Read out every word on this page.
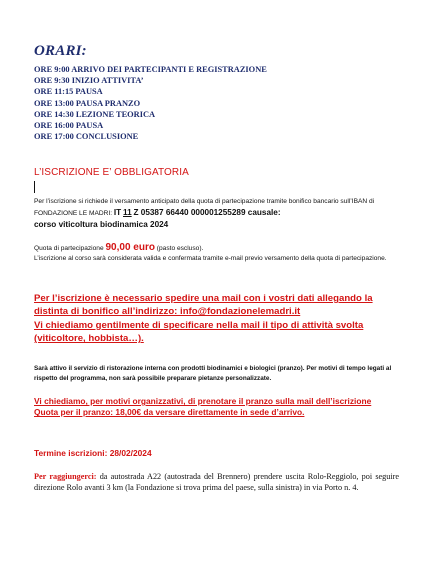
ORARI:
ORE 9:00 ARRIVO DEI PARTECIPANTI E REGISTRAZIONE
ORE 9:30 INIZIO ATTIVITA’
ORE 11:15 PAUSA
ORE 13:00 PAUSA PRANZO
ORE 14:30 LEZIONE TEORICA
ORE 16:00 PAUSA
ORE 17:00 CONCLUSIONE
L’ISCRIZIONE E’ OBBLIGATORIA
Per l’iscrizione si richiede il versamento anticipato della quota di partecipazione tramite bonifico bancario sull’IBAN di FONDAZIONE LE MADRI: IT 11 Z 05387 66440 000001255289 causale:
corso viticoltura biodinamica 2024
Quota di partecipazione 90,00 euro (pasto escluso).
L’iscrizione al corso sarà considerata valida e confermata tramite e-mail previo versamento della quota di partecipazione.
Per l’iscrizione è necessario spedire una mail con i vostri dati allegando la distinta di bonifico all’indirizzo: info@fondazionelemadri.it
Vi chiediamo gentilmente di specificare nella mail il tipo di attività svolta (viticoltore, hobbista…).
Sarà attivo il servizio di ristorazione interna con prodotti biodinamici e biologici (pranzo). Per motivi di tempo legati al rispetto del programma, non sarà possibile preparare pietanze personalizzate.
Vi chiediamo, per motivi organizzativi, di prenotare il pranzo sulla mail dell’iscrizione
Quota per il pranzo: 18,00€ da versare direttamente in sede d’arrivo.
Termine iscrizioni: 28/02/2024
Per raggiungerci: da autostrada A22 (autostrada del Brennero) prendere uscita Rolo-Reggiolo, poi seguire direzione Rolo avanti 3 km (la Fondazione si trova prima del paese, sulla sinistra) in via Porto n. 4.
